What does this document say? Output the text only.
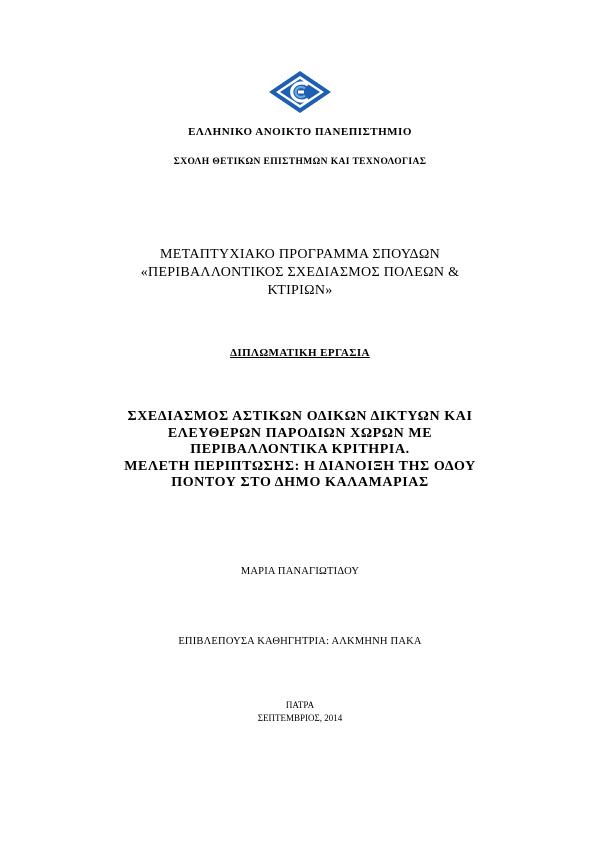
ΕΛΛΗΝΙΚΟ ΑΝΟΙΚΤΟ ΠΑΝΕΠΙΣΤΗΜΙΟ
ΣΧΟΛΗ ΘΕΤΙΚΩΝ ΕΠΙΣΤΗΜΩΝ ΚΑΙ ΤΕΧΝΟΛΟΓΙΑΣ
ΜΕΤΑΠΤΥΧΙΑΚΟ ΠΡΟΓΡΑΜΜΑ ΣΠΟΥΔΩΝ
«ΠΕΡΙΒΑΛΛΟΝΤΙΚΟΣ ΣΧΕΔΙΑΣΜΟΣ ΠΟΛΕΩΝ &
ΚΤΙΡΙΩΝ»
ΔΙΠΛΩΜΑΤΙΚΗ ΕΡΓΑΣΙΑ
ΣΧΕΔΙΑΣΜΟΣ ΑΣΤΙΚΩΝ ΟΔΙΚΩΝ ΔΙΚΤΥΩΝ ΚΑΙ
ΕΛΕΥΘΕΡΩΝ ΠΑΡΟΔΙΩΝ ΧΩΡΩΝ ΜΕ
ΠΕΡΙΒΑΛΛΟΝΤΙΚΑ ΚΡΙΤΗΡΙΑ.
ΜΕΛΕΤΗ ΠΕΡΙΠΤΩΣΗΣ: Η ΔΙΑΝΟΙΞΗ ΤΗΣ ΟΔΟΥ
ΠΟΝΤΟΥ ΣΤΟ ΔΗΜΟ ΚΑΛΑΜΑΡΙΑΣ
ΜΑΡΙΑ ΠΑΝΑΓΙΩΤΙΔΟΥ
ΕΠΙΒΛΕΠΟΥΣΑ ΚΑΘΗΓΗΤΡΙΑ: ΑΛΚΜΗΝΗ ΠΑΚΑ
ΠΑΤΡΑ
ΣΕΠΤΕΜΒΡΙΟΣ, 2014
